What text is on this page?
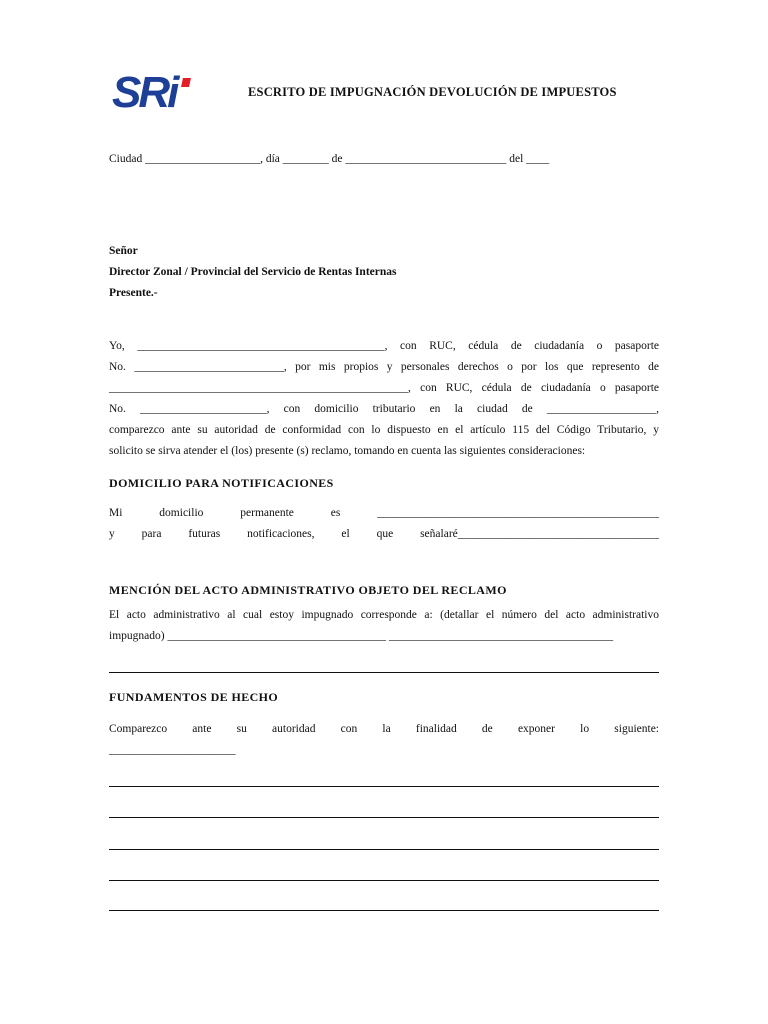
SRi	ESCRITO DE IMPUGNACIÓN DEVOLUCIÓN DE IMPUESTOS
Ciudad ____________________, día ________ de ____________________________ del ____
Señor
Director Zonal / Provincial del Servicio de Rentas Internas
Presente.-
Yo, ___________________________________________, con RUC, cédula de ciudadanía o pasaporte
No. __________________________, por mis propios y personales derechos o por los que represento de
____________________________________________________, con RUC, cédula de ciudadanía o pasaporte
No. ______________________, con domicilio tributario en la ciudad de ___________________,
comparezco ante su autoridad de conformidad con lo dispuesto en el artículo 115 del Código Tributario, y
solicito se sirva atender el (los) presente (s) reclamo, tomando en cuenta las siguientes consideraciones:
DOMICILIO PARA NOTIFICACIONES
Mi domicilio permanente es _________________________________________________
y para futuras notificaciones, el que señalaré___________________________________
MENCIÓN DEL ACTO ADMINISTRATIVO OBJETO DEL RECLAMO
El acto administrativo al cual estoy impugnado corresponde a: (detallar el número del acto administrativo
impugnado) ______________________________________ _______________________________________
FUNDAMENTOS DE HECHO
Comparezco ante su autoridad con la finalidad de exponer lo siguiente:
______________________
